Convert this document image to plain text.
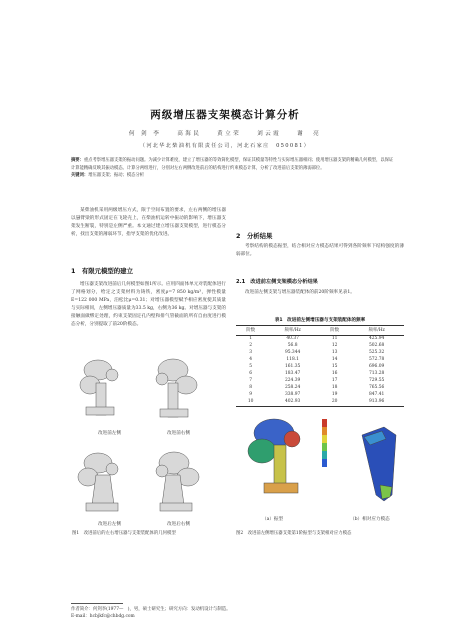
两级增压器支架模态计算分析
何 剑 李　　高海民　　黄立荣　　刘云霞　　谢　亮
（河北华北柴油机有限责任公司，河北石家庄　050081）
摘要：重点考察增压器支架的振动问题。为减少计算难度，建立了增压器的等效简化模型，保证其模量等特性与实际增压器相同；使用增压器支架的精确几何模型，以保证计算能精确反映其振动模态。计算分两组进行，分别对左右两侧改进前后的结构进行约束模态计算，分析了改进前后支架的薄弱部位。
关键词：增压器支架；振动；模态分析

某柴油机采用两级增压方式，限于空间布置的要求，左右两侧的增压器以悬臂梁的形式固定在飞轮壳上，在柴油机运转中振动的影响下，增压器支架发生断裂，特别是左侧严重。本文通过建立增压器支架模型，进行模态分析，找出支架的薄弱环节，指导支架的优化改进。

1　有限元模型的建立

增压器支架改进前后几何模型如图1所示。应用四面体单元对装配体进行了网格划分，给定之支架材料为铸铁，密度ρ=7 850 kg/m³，弹性模量E=122 000 MPa，泊松比μ=0.31；对增压器模型赋予相应密度使其质量与实际相同，左侧增压器质量为33.5 kg，右侧为36 kg。对增压器与支架的接触面做绑定处理，约束支架固定孔内壁和排气管截面的所有自由度进行模态分析，分别提取了前20阶模态。

改进前左侧	改进前右侧
改进后左侧	改进后右侧
图1　改进前后的左右增压器与支架装配体的几何模型
2　分析结果

考察结构的模态振型，结合相对应力模态结果可得到各阶频率下结构强度的薄弱部位。

2.1　改进前左侧支架模态分析结果

改进前左侧支架与增压器装配体的前20阶频率见表1。

表1　改进前左侧增压器与支架装配体的频率
阶数	频率/Hz	阶数	频率/Hz
1	40.37	11	425.94
2	56.8	12	502.68
3	95.344	13	525.32
4	118.1	14	572.78
5	161.35	15	696.09
6	183.47	16	713.28
7	224.39	17	729.55
8	258.24	18	765.56
9	338.97	19	847.41
10	402.93	20	913.96
（a）振型	（b）相对应力模态
图2　改进前左侧增压器支架第1阶振型与支架相对应力模态
作者简介：何剑李(1977—　)，男，硕士研究生；研究方向：发动机设计与制造。
E-mail：hcbjkfc@chbdg.com
